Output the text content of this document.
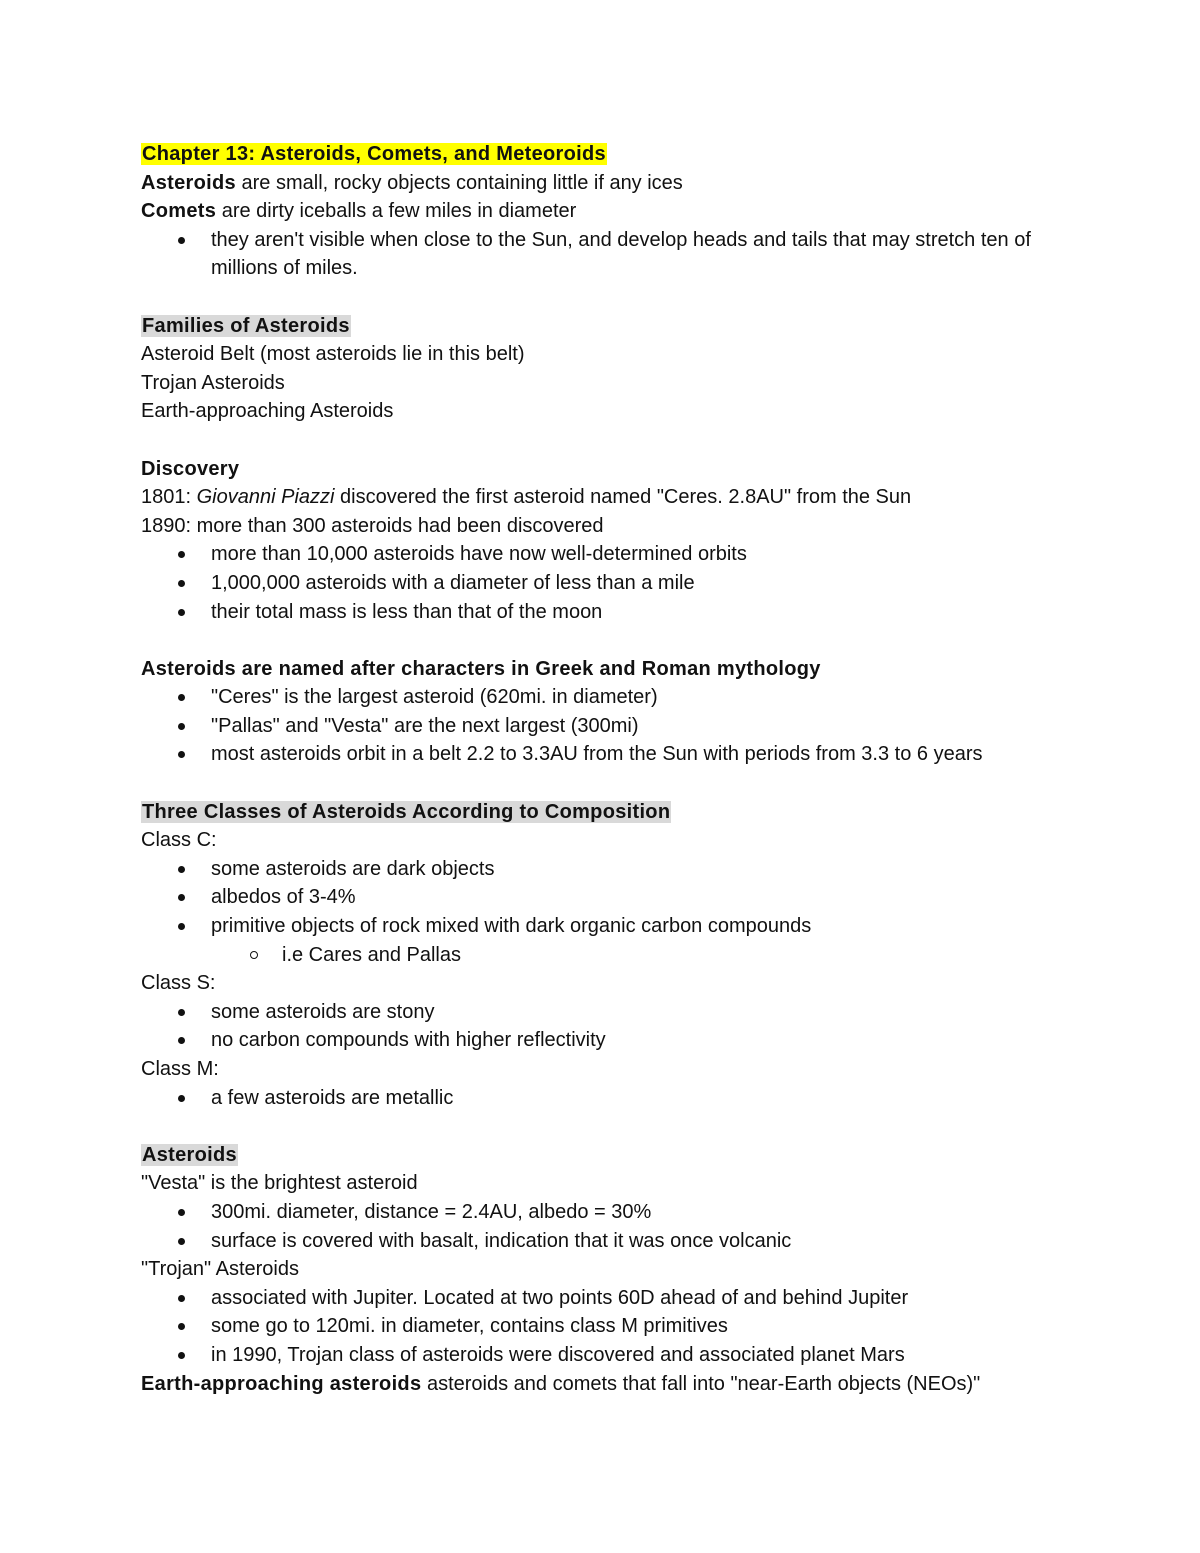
Chapter 13: Asteroids, Comets, and Meteoroids
Asteroids are small, rocky objects containing little if any ices
Comets are dirty iceballs a few miles in diameter
they aren't visible when close to the Sun, and develop heads and tails that may stretch ten of millions of miles.
Families of Asteroids
Asteroid Belt (most asteroids lie in this belt)
Trojan Asteroids
Earth-approaching Asteroids
Discovery
1801: Giovanni Piazzi discovered the first asteroid named "Ceres. 2.8AU" from the Sun
1890: more than 300 asteroids had been discovered
more than 10,000 asteroids have now well-determined orbits
1,000,000 asteroids with a diameter of less than a mile
their total mass is less than that of the moon
Asteroids are named after characters in Greek and Roman mythology
"Ceres" is the largest asteroid (620mi. in diameter)
"Pallas" and "Vesta" are the next largest (300mi)
most asteroids orbit in a belt 2.2 to 3.3AU from the Sun with periods from 3.3 to 6 years
Three Classes of Asteroids According to Composition
Class C:
some asteroids are dark objects
albedos of 3-4%
primitive objects of rock mixed with dark organic carbon compounds
i.e Cares and Pallas
Class S:
some asteroids are stony
no carbon compounds with higher reflectivity
Class M:
a few asteroids are metallic
Asteroids
"Vesta" is the brightest asteroid
300mi. diameter, distance = 2.4AU, albedo = 30%
surface is covered with basalt, indication that it was once volcanic
"Trojan" Asteroids
associated with Jupiter. Located at two points 60D ahead of and behind Jupiter
some go to 120mi. in diameter, contains class M primitives
in 1990, Trojan class of asteroids were discovered and associated planet Mars
Earth-approaching asteroids asteroids and comets that fall into "near-Earth objects (NEOs)"
